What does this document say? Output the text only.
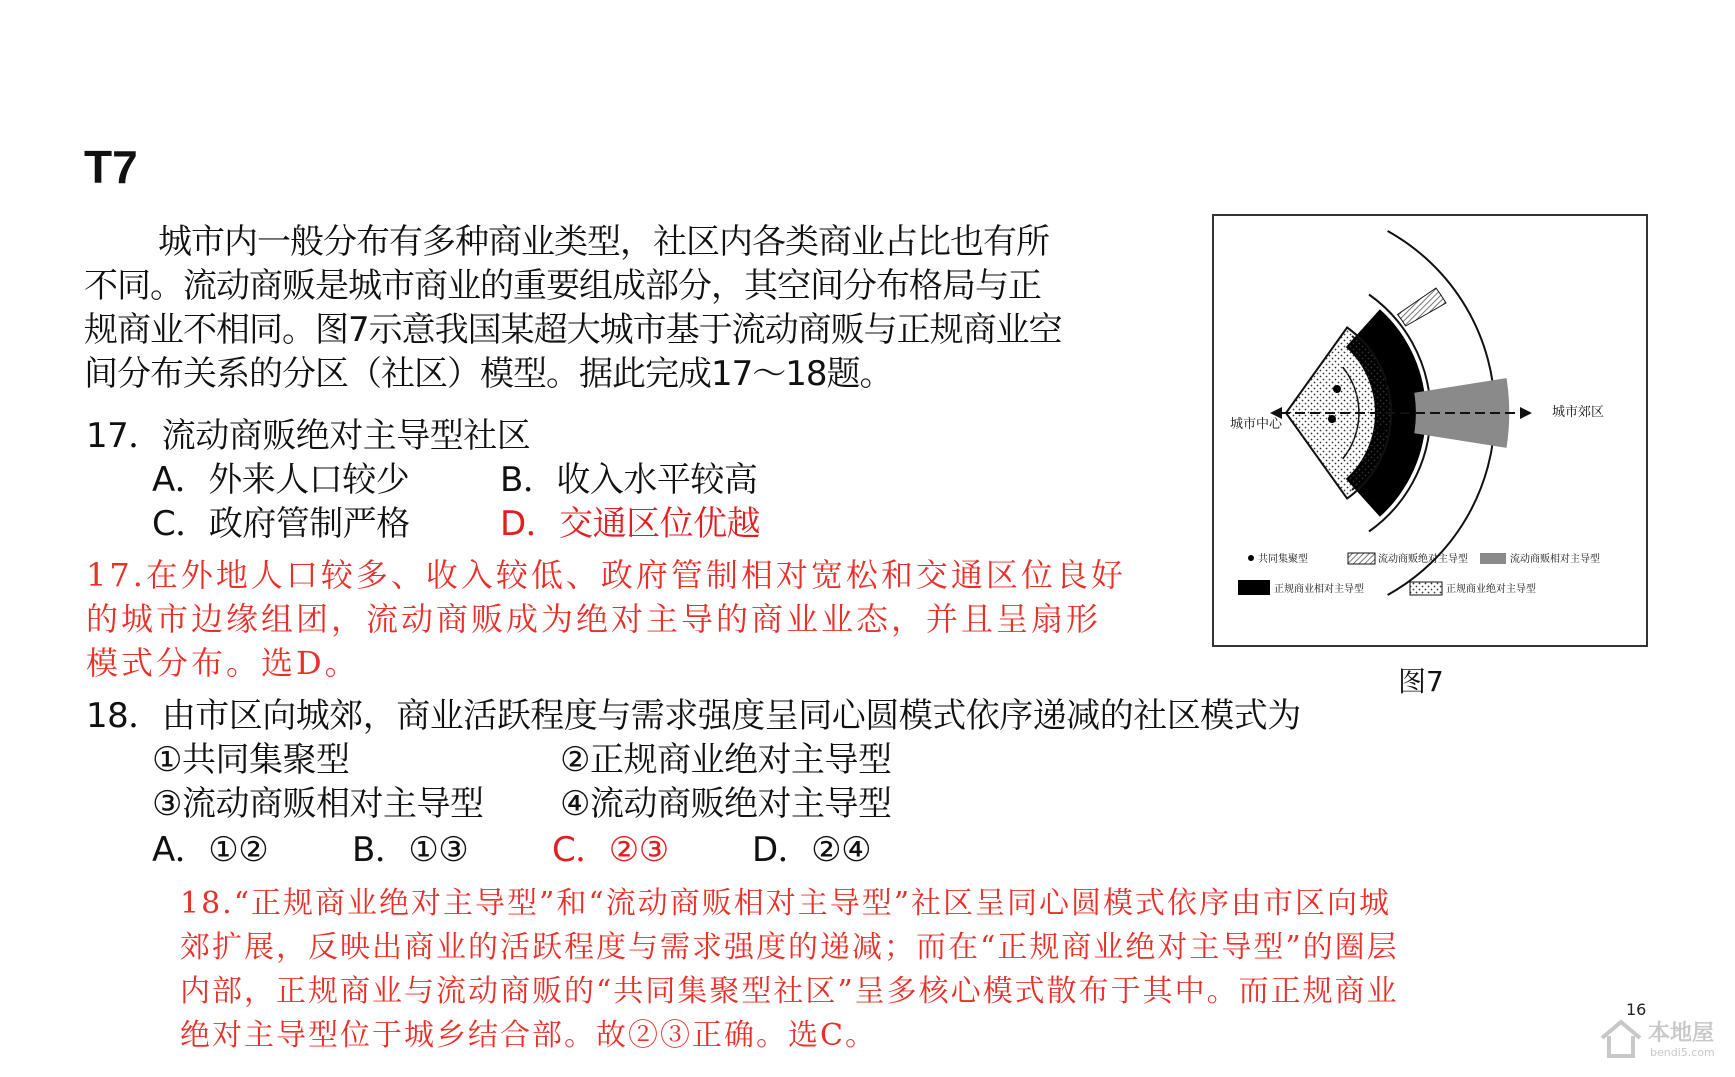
T7
城市内一般分布有多种商业类型，社区内各类商业占比也有所
不同。流动商贩是城市商业的重要组成部分，其空间分布格局与正
规商业不相同。图7示意我国某超大城市基于流动商贩与正规商业空
间分布关系的分区（社区）模型。据此完成17～18题。
17．流动商贩绝对主导型社区
A．外来人口较少	B．收入水平较高
C．政府管制严格	D．交通区位优越
17.在外地人口较多、收入较低、政府管制相对宽松和交通区位良好
的城市边缘组团，流动商贩成为绝对主导的商业业态，并且呈扇形
模式分布。选D。
18．由市区向城郊，商业活跃程度与需求强度呈同心圆模式依序递减的社区模式为
①共同集聚型	②正规商业绝对主导型
③流动商贩相对主导型 ④流动商贩绝对主导型
A．①② B．①③ C．②③ D．②④
18.“正规商业绝对主导型”和“流动商贩相对主导型”社区呈同心圆模式依序由市区向城
郊扩展，反映出商业的活跃程度与需求强度的递减；而在“正规商业绝对主导型”的圈层
内部，正规商业与流动商贩的“共同集聚型社区”呈多核心模式散布于其中。而正规商业
绝对主导型位于城乡结合部。故②③正确。选C。
城市中心
城市郊区
共同集聚型	流动商贩绝对主导型	流动商贩相对主导型
正规商业相对主导型	正规商业绝对主导型
图7
16
本地屋
bendi5.com
